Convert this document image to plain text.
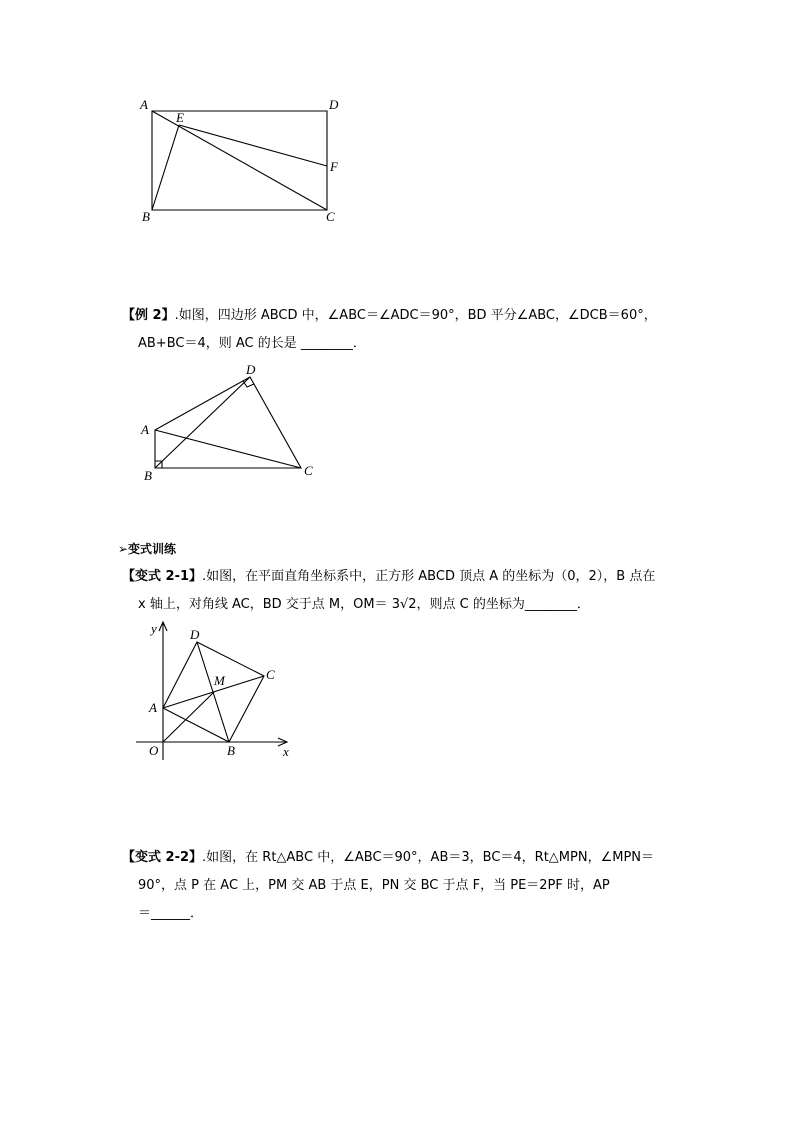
A	D
E
F
B	C
【例 2】.如图，四边形 ABCD 中，∠ABC＝∠ADC＝90°，BD 平分∠ABC，∠DCB＝60°，
AB+BC＝4，则 AC 的长是 ________．
D
A
B	C
➢变式训练
【变式 2-1】.如图，在平面直角坐标系中，正方形 ABCD 顶点 A 的坐标为（0，2），B 点在
x 轴上，对角线 AC，BD 交于点 M，OM＝ 3√2，则点 C 的坐标为________．
y	D
C
M
A
O	B	x
【变式 2-2】.如图，在 Rt△ABC 中，∠ABC＝90°，AB＝3，BC＝4，Rt△MPN，∠MPN＝
90°，点 P 在 AC 上，PM 交 AB 于点 E，PN 交 BC 于点 F，当 PE＝2PF 时，AP
＝______．
